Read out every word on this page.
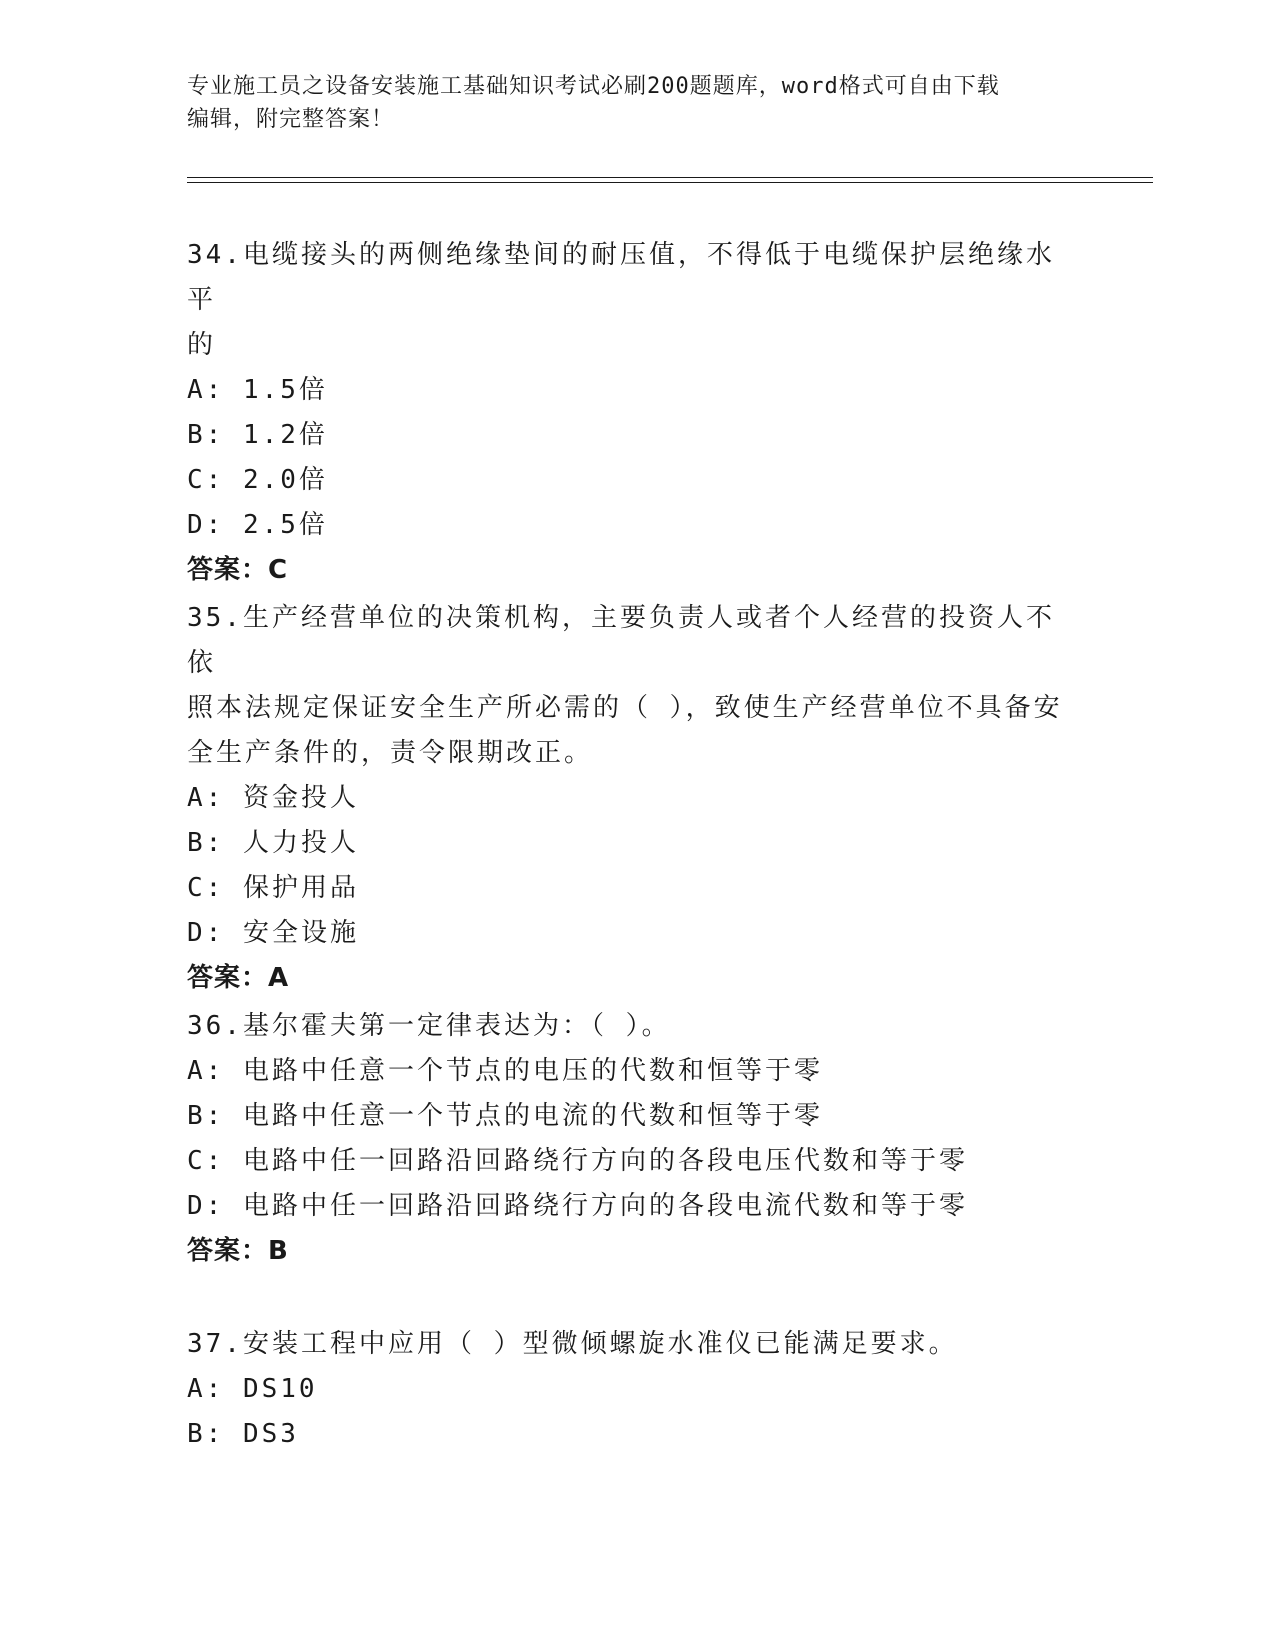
专业施工员之设备安装施工基础知识考试必刷200题题库，word格式可自由下载
编辑，附完整答案！
34.电缆接头的两侧绝缘垫间的耐压值，不得低于电缆保护层绝缘水平
的
A: 1.5倍
B: 1.2倍
C: 2.0倍
D: 2.5倍
答案：C
35.生产经营单位的决策机构，主要负责人或者个人经营的投资人不依
照本法规定保证安全生产所必需的（ ），致使生产经营单位不具备安
全生产条件的，责令限期改正。
A: 资金投人
B: 人力投人
C: 保护用品
D: 安全设施
答案：A
36.基尔霍夫第一定律表达为：（ ）。
A: 电路中任意一个节点的电压的代数和恒等于零
B: 电路中任意一个节点的电流的代数和恒等于零
C: 电路中任一回路沿回路绕行方向的各段电压代数和等于零
D: 电路中任一回路沿回路绕行方向的各段电流代数和等于零
答案：B
37.安装工程中应用（ ）型微倾螺旋水准仪已能满足要求。
A: DS10
B: DS3
